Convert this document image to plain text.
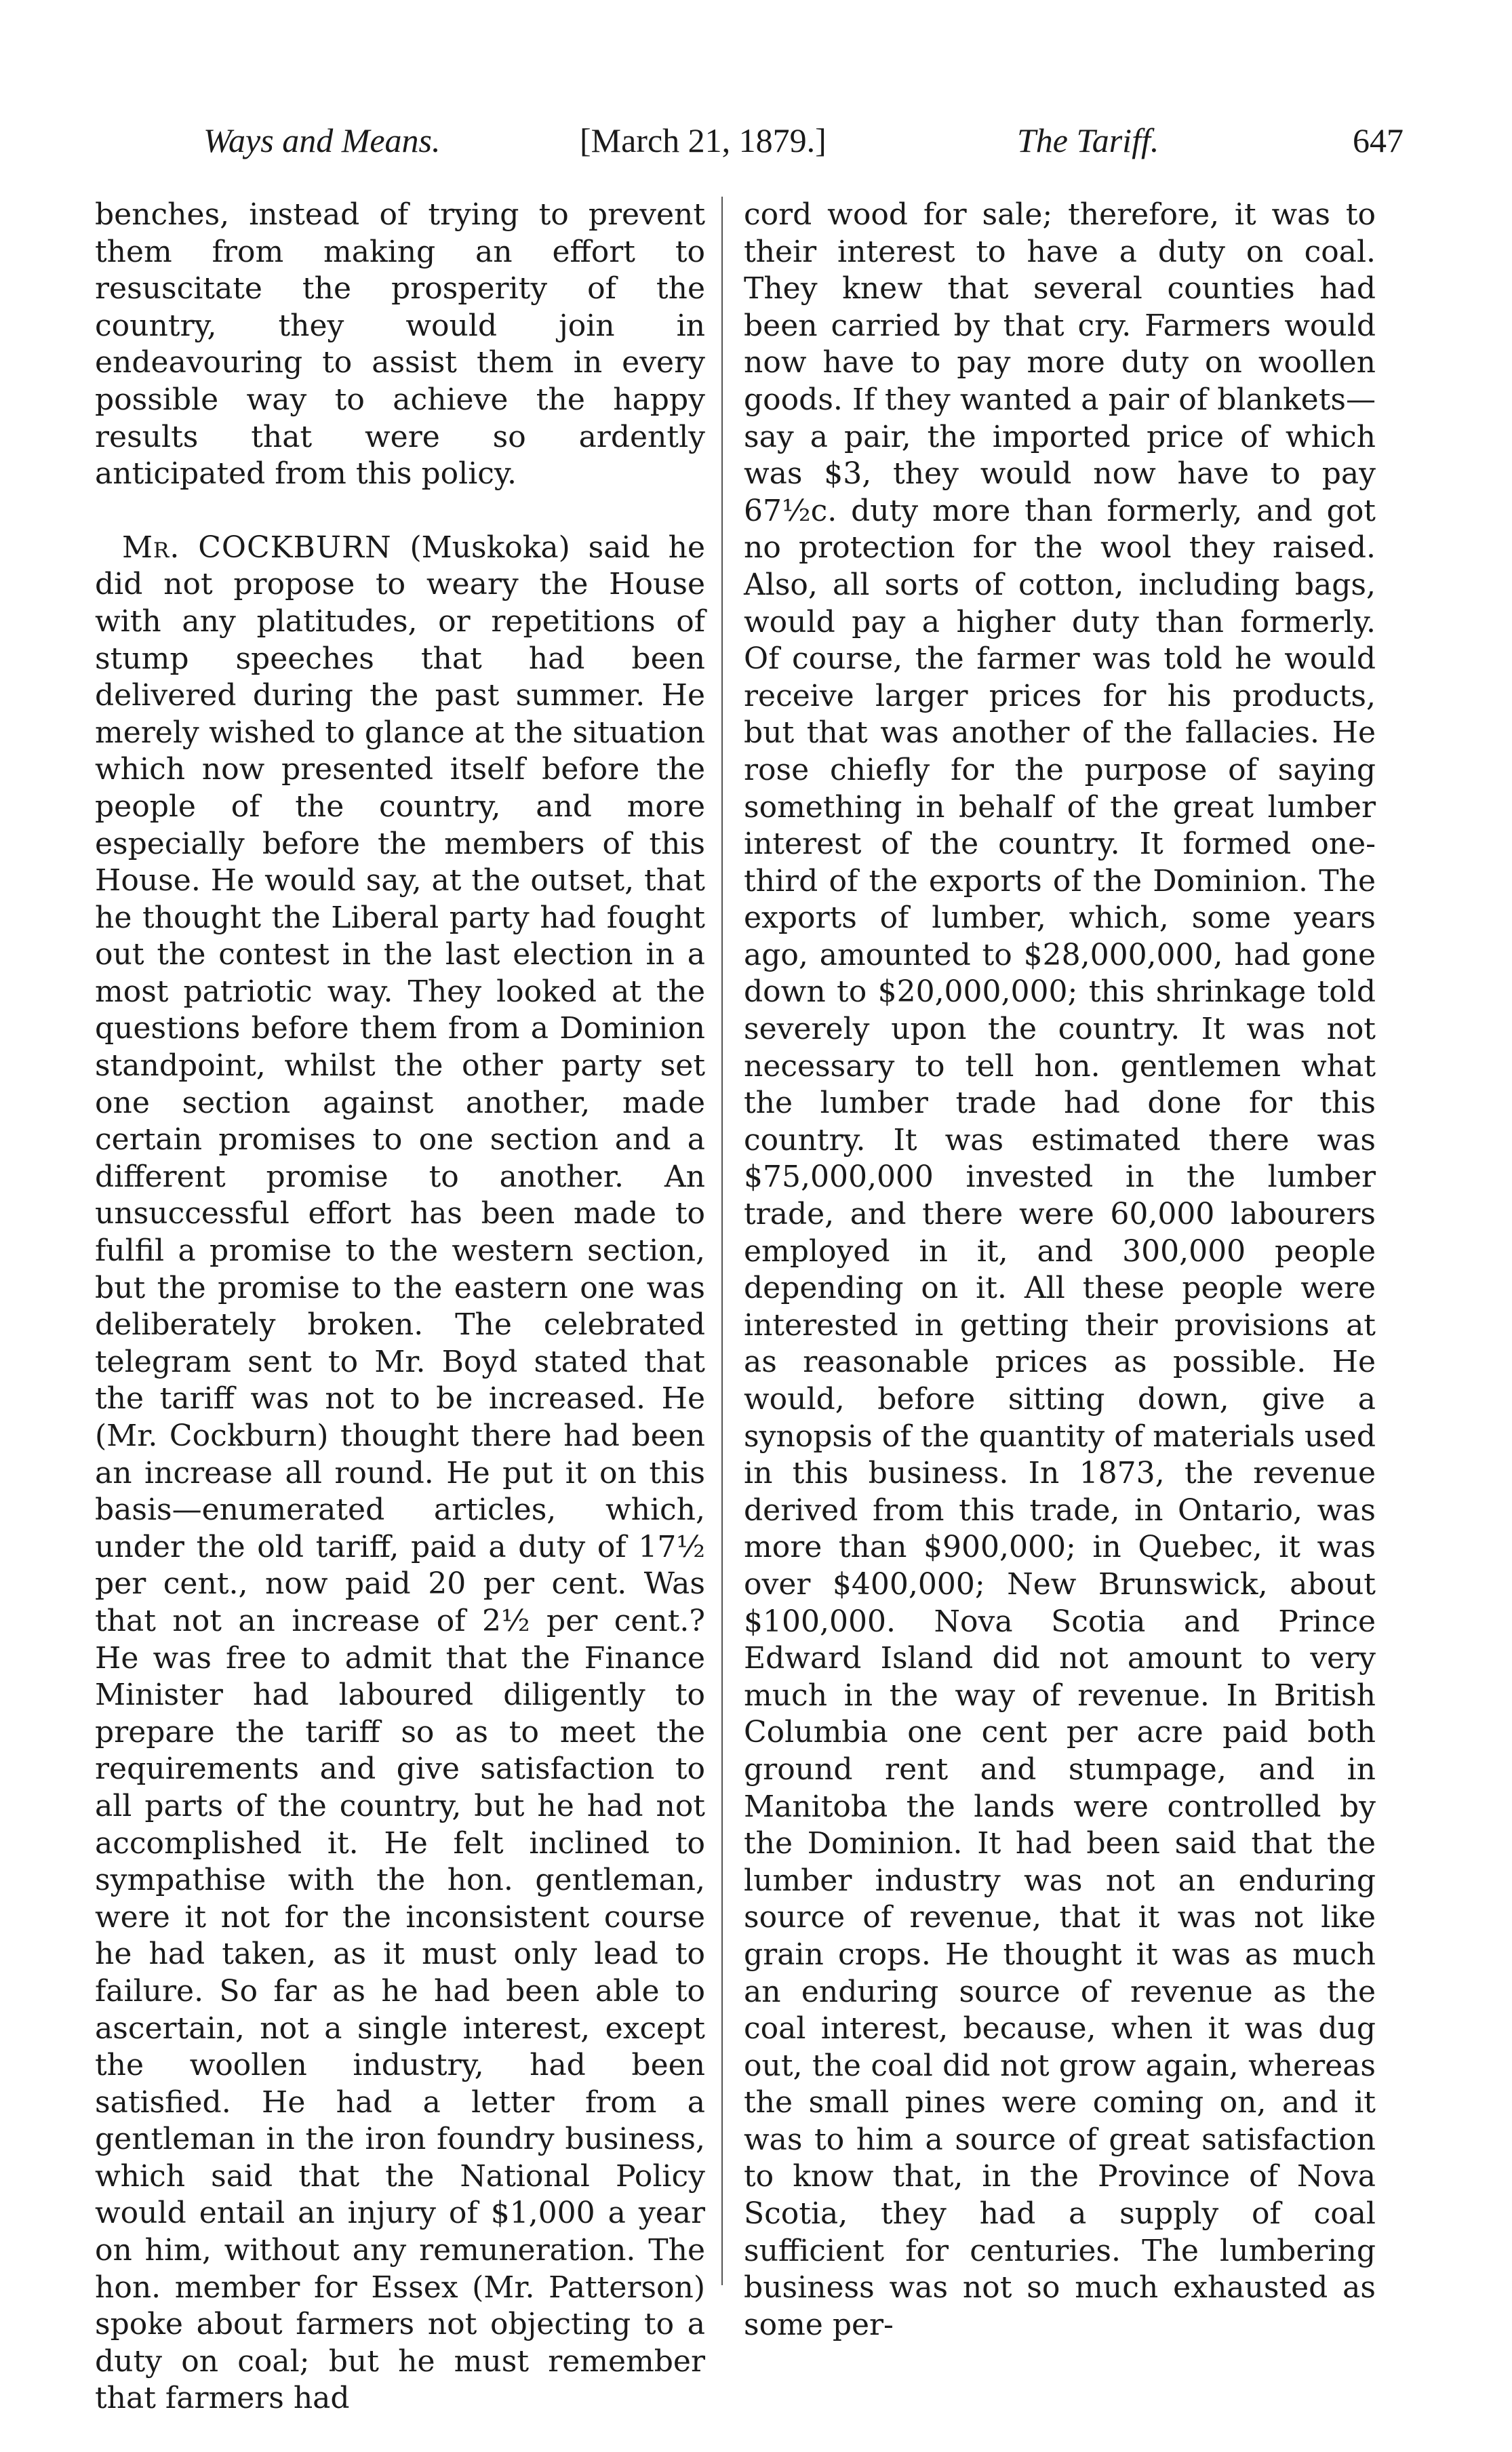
Ways and Means.	[March 21, 1879.]	The Tariff.	647

benches, instead of trying to prevent them from making an effort to resuscitate the prosperity of the country, they would join in endeavouring to assist them in every possible way to achieve the happy results that were so ardently anticipated from this policy.

Mr. COCKBURN (Muskoka) said he did not propose to weary the House with any platitudes, or repetitions of stump speeches that had been delivered during the past summer. He merely wished to glance at the situation which now presented itself before the people of the country, and more especially before the members of this House. He would say, at the outset, that he thought the Liberal party had fought out the contest in the last election in a most patriotic way. They looked at the questions before them from a Dominion standpoint, whilst the other party set one section against another, made certain promises to one section and a different promise to another. An unsuccessful effort has been made to fulfil a promise to the western section, but the promise to the eastern one was deliberately broken. The celebrated telegram sent to Mr. Boyd stated that the tariff was not to be increased. He (Mr. Cockburn) thought there had been an increase all round. He put it on this basis—enumerated articles, which, under the old tariff, paid a duty of 17½ per cent., now paid 20 per cent. Was that not an increase of 2½ per cent.? He was free to admit that the Finance Minister had laboured diligently to prepare the tariff so as to meet the requirements and give satisfaction to all parts of the country, but he had not accomplished it. He felt inclined to sympathise with the hon. gentleman, were it not for the inconsistent course he had taken, as it must only lead to failure. So far as he had been able to ascertain, not a single interest, except the woollen industry, had been satisfied. He had a letter from a gentleman in the iron foundry business, which said that the National Policy would entail an injury of $1,000 a year on him, without any remuneration. The hon. member for Essex (Mr. Patterson) spoke about farmers not objecting to a duty on coal; but he must remember that farmers had

cord wood for sale; therefore, it was to their interest to have a duty on coal. They knew that several counties had been carried by that cry. Farmers would now have to pay more duty on woollen goods. If they wanted a pair of blankets—say a pair, the imported price of which was $3, they would now have to pay 67½c. duty more than formerly, and got no protection for the wool they raised. Also, all sorts of cotton, including bags, would pay a higher duty than formerly. Of course, the farmer was told he would receive larger prices for his products, but that was another of the fallacies. He rose chiefly for the purpose of saying something in behalf of the great lumber interest of the country. It formed one-third of the exports of the Dominion. The exports of lumber, which, some years ago, amounted to $28,000,000, had gone down to $20,000,000; this shrinkage told severely upon the country. It was not necessary to tell hon. gentlemen what the lumber trade had done for this country. It was estimated there was $75,000,000 invested in the lumber trade, and there were 60,000 labourers employed in it, and 300,000 people depending on it. All these people were interested in getting their provisions at as reasonable prices as possible. He would, before sitting down, give a synopsis of the quantity of materials used in this business. In 1873, the revenue derived from this trade, in Ontario, was more than $900,000; in Quebec, it was over $400,000; New Brunswick, about $100,000. Nova Scotia and Prince Edward Island did not amount to very much in the way of revenue. In British Columbia one cent per acre paid both ground rent and stumpage, and in Manitoba the lands were controlled by the Dominion. It had been said that the lumber industry was not an enduring source of revenue, that it was not like grain crops. He thought it was as much an enduring source of revenue as the coal interest, because, when it was dug out, the coal did not grow again, whereas the small pines were coming on, and it was to him a source of great satisfaction to know that, in the Province of Nova Scotia, they had a supply of coal sufficient for centuries. The lumbering business was not so much exhausted as some per-
